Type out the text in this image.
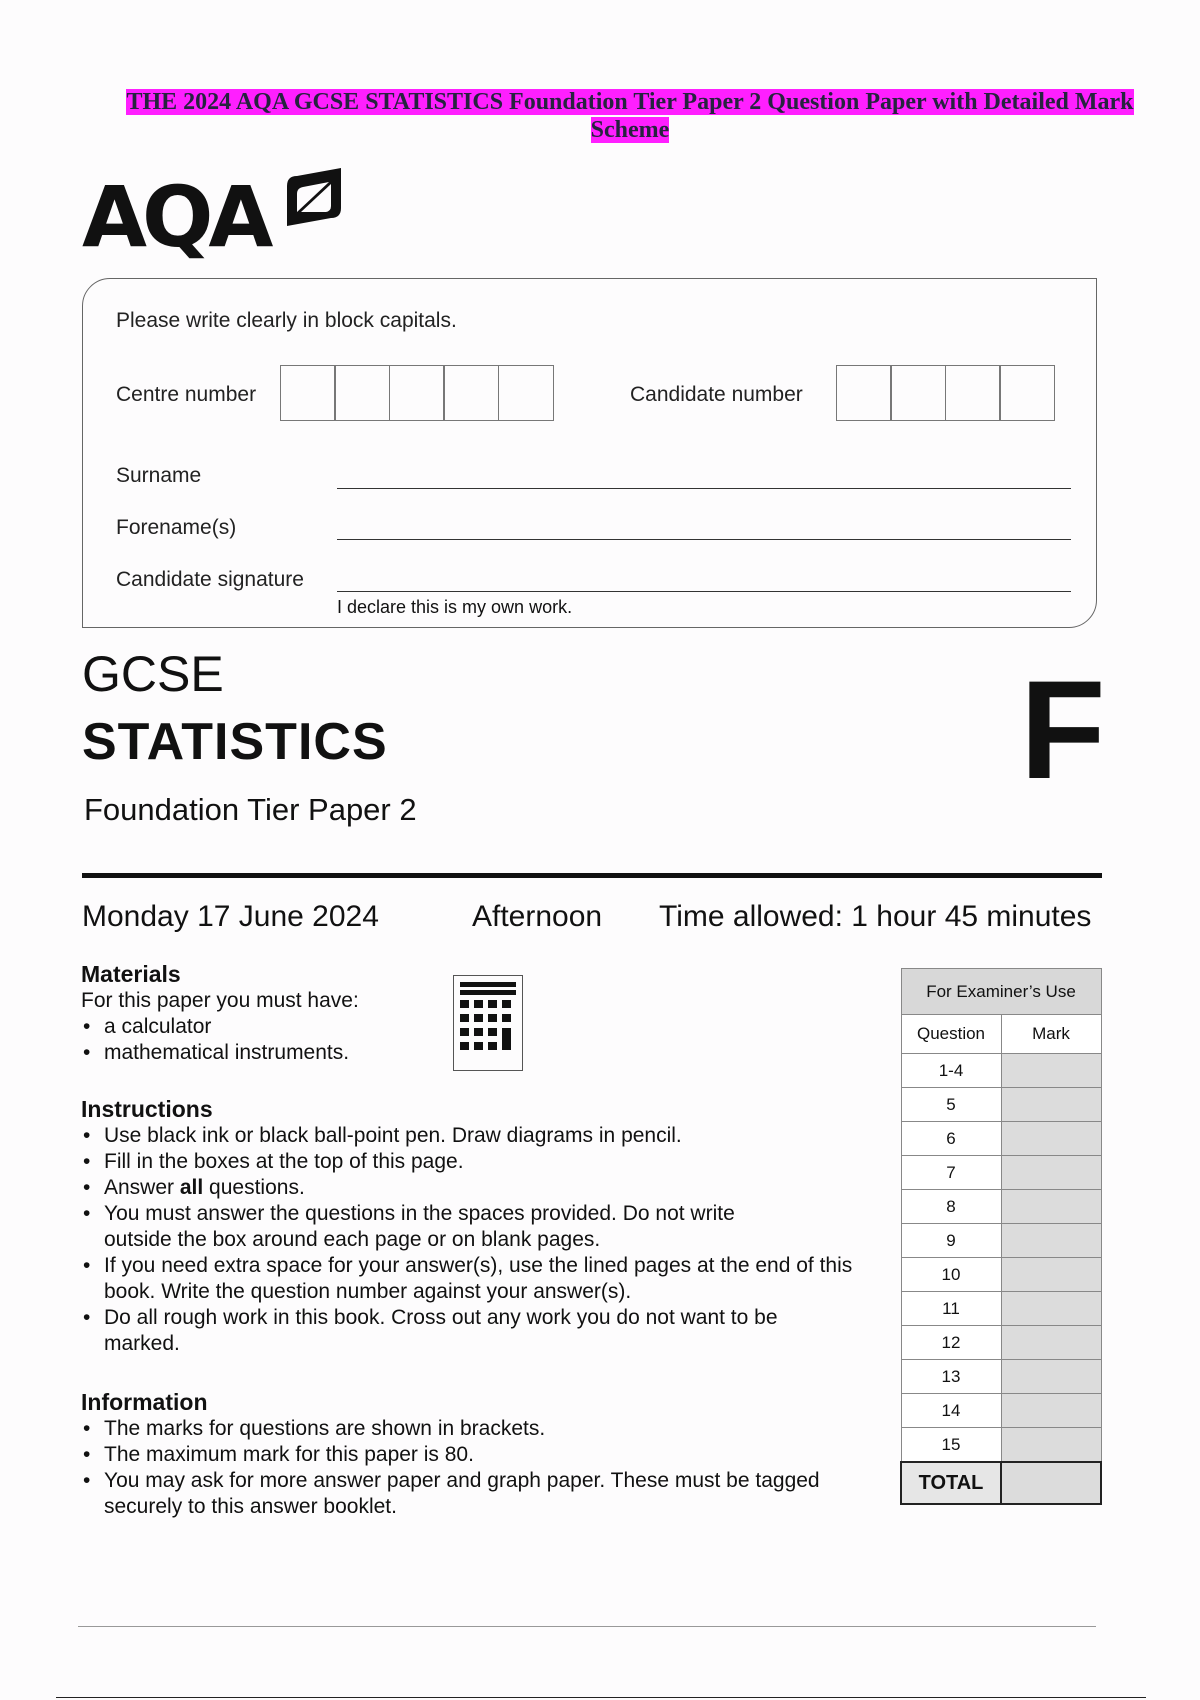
THE 2024 AQA GCSE STATISTICS Foundation Tier Paper 2 Question Paper with Detailed Mark
Scheme
AQA
Please write clearly in block capitals.
Centre number	Candidate number
Surname
Forename(s)
Candidate signature
I declare this is my own work.
GCSE
STATISTICS
Foundation Tier Paper 2
F
Monday 17 June 2024	Afternoon Time allowed: 1 hour 45 minutes
Materials
For this paper you must have:
• a calculator
• mathematical instruments.
Instructions
• Use black ink or black ball-point pen. Draw diagrams in pencil.
• Fill in the boxes at the top of this page.
• Answer all questions.
• You must answer the questions in the spaces provided. Do not write outside the box around each page or on blank pages.
• If you need extra space for your answer(s), use the lined pages at the end of this book. Write the question number against your answer(s).
• Do all rough work in this book. Cross out any work you do not want to be marked.
Information
• The marks for questions are shown in brackets.
• The maximum mark for this paper is 80.
• You may ask for more answer paper and graph paper. These must be tagged securely to this answer booklet.
For Examiner’s Use	
Question	Mark
1-4	
5	
6	
7	
8	
9	
10	
11	
12	
13	
14	
15	
TOTAL	
